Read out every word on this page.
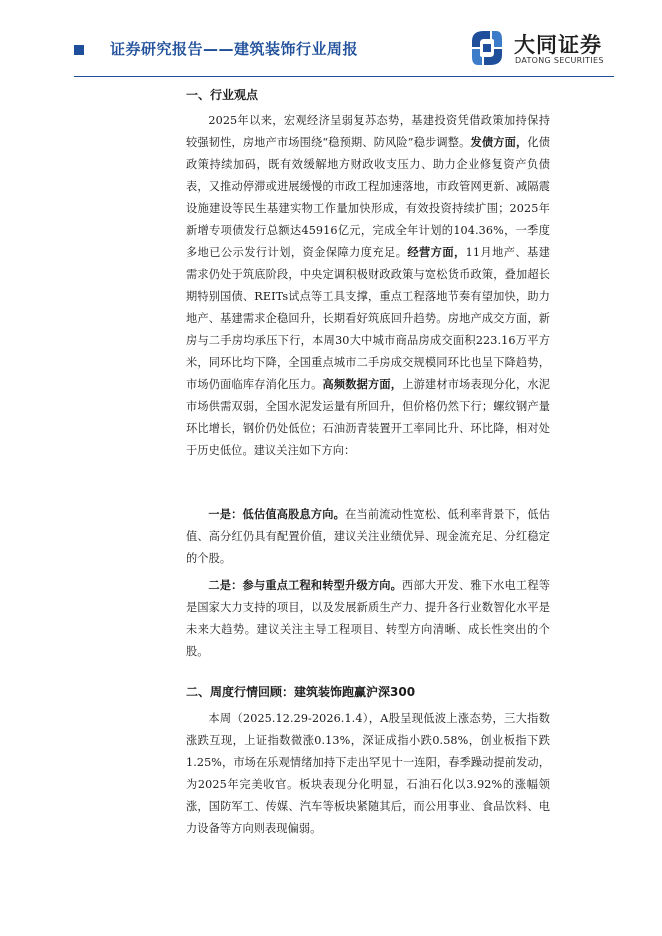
证券研究报告——建筑装饰行业周报	大同证券
DATONG SECURITIES
一、行业观点

2025年以来，宏观经济呈弱复苏态势，基建投资凭借政策加持保持较强韧性，房地产市场围绕“稳预期、防风险”稳步调整。发债方面，化债政策持续加码，既有效缓解地方财政收支压力、助力企业修复资产负债表，又推动停滞或进展缓慢的市政工程加速落地，市政管网更新、减隔震设施建设等民生基建实物工作量加快形成，有效投资持续扩围；2025年新增专项债发行总额达45916亿元，完成全年计划的104.36%，一季度多地已公示发行计划，资金保障力度充足。经营方面，11月地产、基建需求仍处于筑底阶段，中央定调积极财政政策与宽松货币政策，叠加超长期特别国债、REITs试点等工具支撑，重点工程落地节奏有望加快，助力地产、基建需求企稳回升，长期看好筑底回升趋势。房地产成交方面，新房与二手房均承压下行，本周30大中城市商品房成交面积223.16万平方米，同环比均下降，全国重点城市二手房成交规模同环比也呈下降趋势，市场仍面临库存消化压力。高频数据方面，上游建材市场表现分化，水泥市场供需双弱，全国水泥发运量有所回升，但价格仍然下行；螺纹钢产量环比增长，钢价仍处低位；石油沥青装置开工率同比升、环比降，相对处于历史低位。建议关注如下方向：

一是：低估值高股息方向。在当前流动性宽松、低利率背景下，低估值、高分红仍具有配置价值，建议关注业绩优异、现金流充足、分红稳定的个股。

二是：参与重点工程和转型升级方向。西部大开发、雅下水电工程等是国家大力支持的项目，以及发展新质生产力、提升各行业数智化水平是未来大趋势。建议关注主导工程项目、转型方向清晰、成长性突出的个股。

二、周度行情回顾：建筑装饰跑赢沪深300

本周（2025.12.29-2026.1.4），A股呈现低波上涨态势，三大指数涨跌互现，上证指数微涨0.13%，深证成指小跌0.58%，创业板指下跌1.25%，市场在乐观情绪加持下走出罕见十一连阳，春季躁动提前发动，为2025年完美收官。板块表现分化明显，石油石化以3.92%的涨幅领涨，国防军工、传媒、汽车等板块紧随其后，而公用事业、食品饮料、电力设备等方向则表现偏弱。
